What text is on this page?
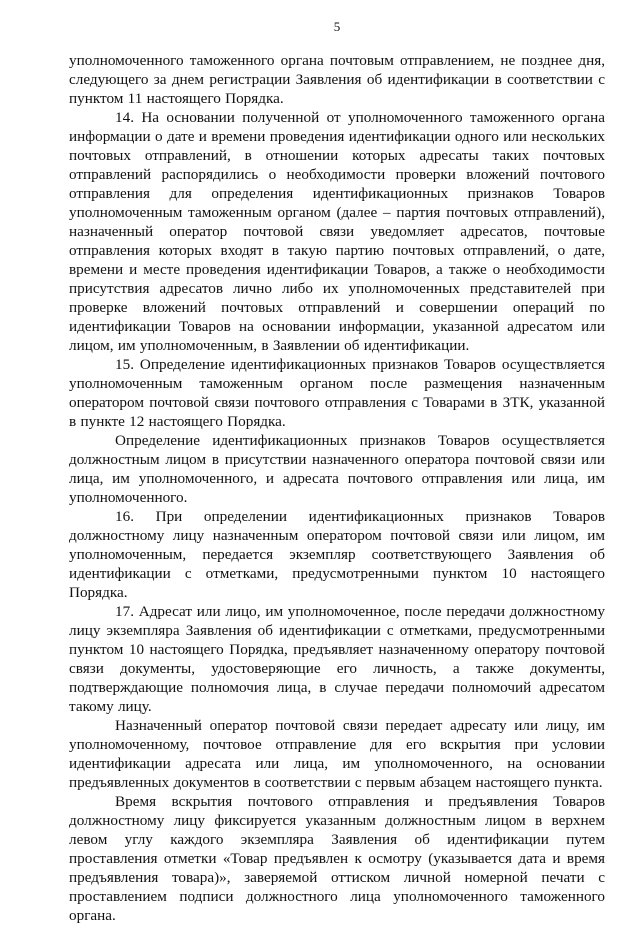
5

уполномоченного таможенного органа почтовым отправлением, не позднее дня, следующего за днем регистрации Заявления об идентификации в соответствии с пунктом 11 настоящего Порядка.

14. На основании полученной от уполномоченного таможенного органа информации о дате и времени проведения идентификации одного или нескольких почтовых отправлений, в отношении которых адресаты таких почтовых отправлений распорядились о необходимости проверки вложений почтового отправления для определения идентификационных признаков Товаров уполномоченным таможенным органом (далее – партия почтовых отправлений), назначенный оператор почтовой связи уведомляет адресатов, почтовые отправления которых входят в такую партию почтовых отправлений, о дате, времени и месте проведения идентификации Товаров, а также о необходимости присутствия адресатов лично либо их уполномоченных представителей при проверке вложений почтовых отправлений и совершении операций по идентификации Товаров на основании информации, указанной адресатом или лицом, им уполномоченным, в Заявлении об идентификации.

15. Определение идентификационных признаков Товаров осуществляется уполномоченным таможенным органом после размещения назначенным оператором почтовой связи почтового отправления с Товарами в ЗТК, указанной в пункте 12 настоящего Порядка.

Определение идентификационных признаков Товаров осуществляется должностным лицом в присутствии назначенного оператора почтовой связи или лица, им уполномоченного, и адресата почтового отправления или лица, им уполномоченного.

16. При определении идентификационных признаков Товаров должностному лицу назначенным оператором почтовой связи или лицом, им уполномоченным, передается экземпляр соответствующего Заявления об идентификации с отметками, предусмотренными пунктом 10 настоящего Порядка.

17. Адресат или лицо, им уполномоченное, после передачи должностному лицу экземпляра Заявления об идентификации с отметками, предусмотренными пунктом 10 настоящего Порядка, предъявляет назначенному оператору почтовой связи документы, удостоверяющие его личность, а также документы, подтверждающие полномочия лица, в случае передачи полномочий адресатом такому лицу.

Назначенный оператор почтовой связи передает адресату или лицу, им уполномоченному, почтовое отправление для его вскрытия при условии идентификации адресата или лица, им уполномоченного, на основании предъявленных документов в соответствии с первым абзацем настоящего пункта.

Время вскрытия почтового отправления и предъявления Товаров должностному лицу фиксируется указанным должностным лицом в верхнем левом углу каждого экземпляра Заявления об идентификации путем проставления отметки «Товар предъявлен к осмотру (указывается дата и время предъявления товара)», заверяемой оттиском личной номерной печати с проставлением подписи должностного лица уполномоченного таможенного органа.
